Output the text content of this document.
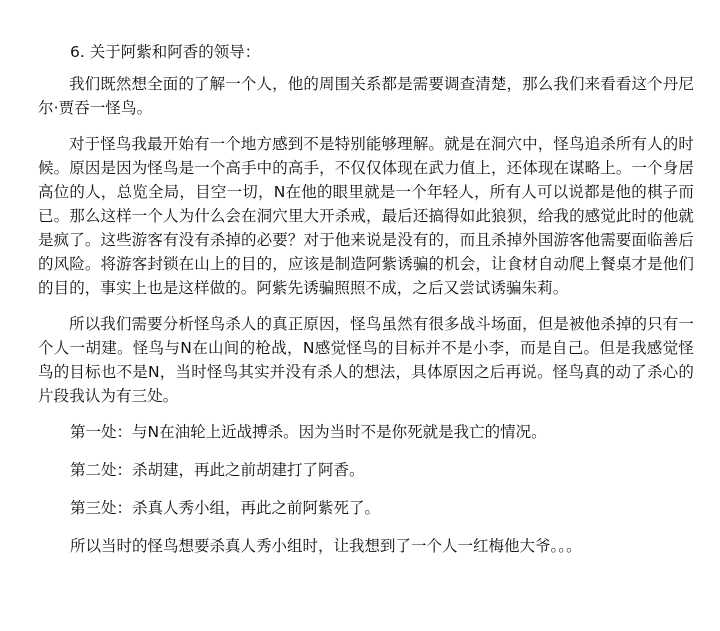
6. 关于阿紫和阿香的领导：

我们既然想全面的了解一个人，他的周围关系都是需要调查清楚，那么我们来看看这个丹尼尔·贾吞一怪鸟。

对于怪鸟我最开始有一个地方感到不是特别能够理解。就是在洞穴中，怪鸟追杀所有人的时候。原因是因为怪鸟是一个高手中的高手，不仅仅体现在武力值上，还体现在谋略上。一个身居高位的人，总览全局，目空一切，N在他的眼里就是一个年轻人，所有人可以说都是他的棋子而已。那么这样一个人为什么会在洞穴里大开杀戒，最后还搞得如此狼狈，给我的感觉此时的他就是疯了。这些游客有没有杀掉的必要？对于他来说是没有的，而且杀掉外国游客他需要面临善后的风险。将游客封锁在山上的目的，应该是制造阿紫诱骗的机会，让食材自动爬上餐桌才是他们的目的，事实上也是这样做的。阿紫先诱骗照照不成，之后又尝试诱骗朱莉。

所以我们需要分析怪鸟杀人的真正原因，怪鸟虽然有很多战斗场面，但是被他杀掉的只有一个人一胡建。怪鸟与N在山间的枪战，N感觉怪鸟的目标并不是小李，而是自己。但是我感觉怪鸟的目标也不是N，当时怪鸟其实并没有杀人的想法，具体原因之后再说。怪鸟真的动了杀心的片段我认为有三处。

第一处：与N在油轮上近战搏杀。因为当时不是你死就是我亡的情况。
第二处：杀胡建，再此之前胡建打了阿香。
第三处：杀真人秀小组，再此之前阿紫死了。
所以当时的怪鸟想要杀真人秀小组时，让我想到了一个人一红梅他大爷。。。
